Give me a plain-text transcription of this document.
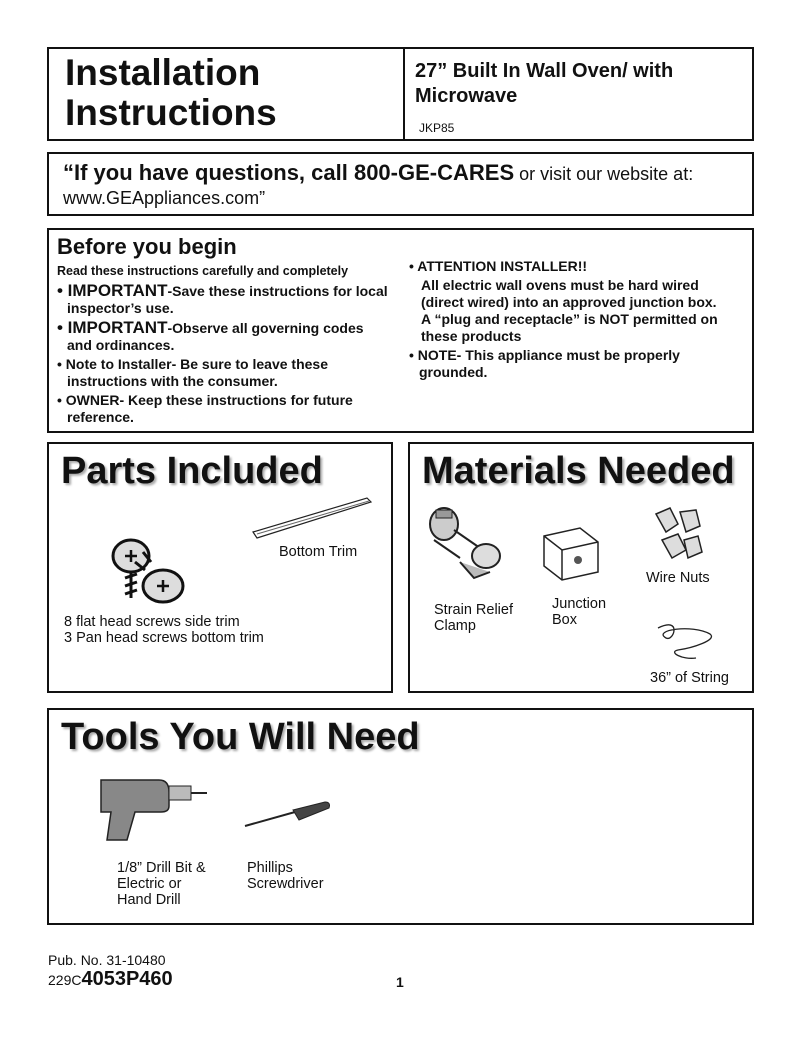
Installation
Instructions
27” Built In Wall Oven/ with
Microwave
JKP85
“If you have questions, call 800-GE-CARES or visit our website at:
www.GEAppliances.com”
Before you begin
Read these instructions carefully and completely
• IMPORTANT-Save these instructions for local inspector’s use.
• IMPORTANT-Observe all governing codes and ordinances.
• Note to Installer- Be sure to leave these instructions with the consumer.
• OWNER- Keep these instructions for future reference.
• ATTENTION INSTALLER!!
All electric wall ovens must be hard wired (direct wired) into an approved junction box. A “plug and receptacle” is NOT permitted on these products
• NOTE- This appliance must be properly grounded.
Parts Included
Bottom Trim
8 flat head screws side trim
3 Pan head screws bottom trim
Materials Needed
Strain Relief
Clamp
Junction
Box
Wire Nuts
36” of String
Tools You Will Need
1/8” Drill Bit &
Electric or
Hand Drill
Phillips
Screwdriver
Pub. No. 31-10480
229C4053P460	1
